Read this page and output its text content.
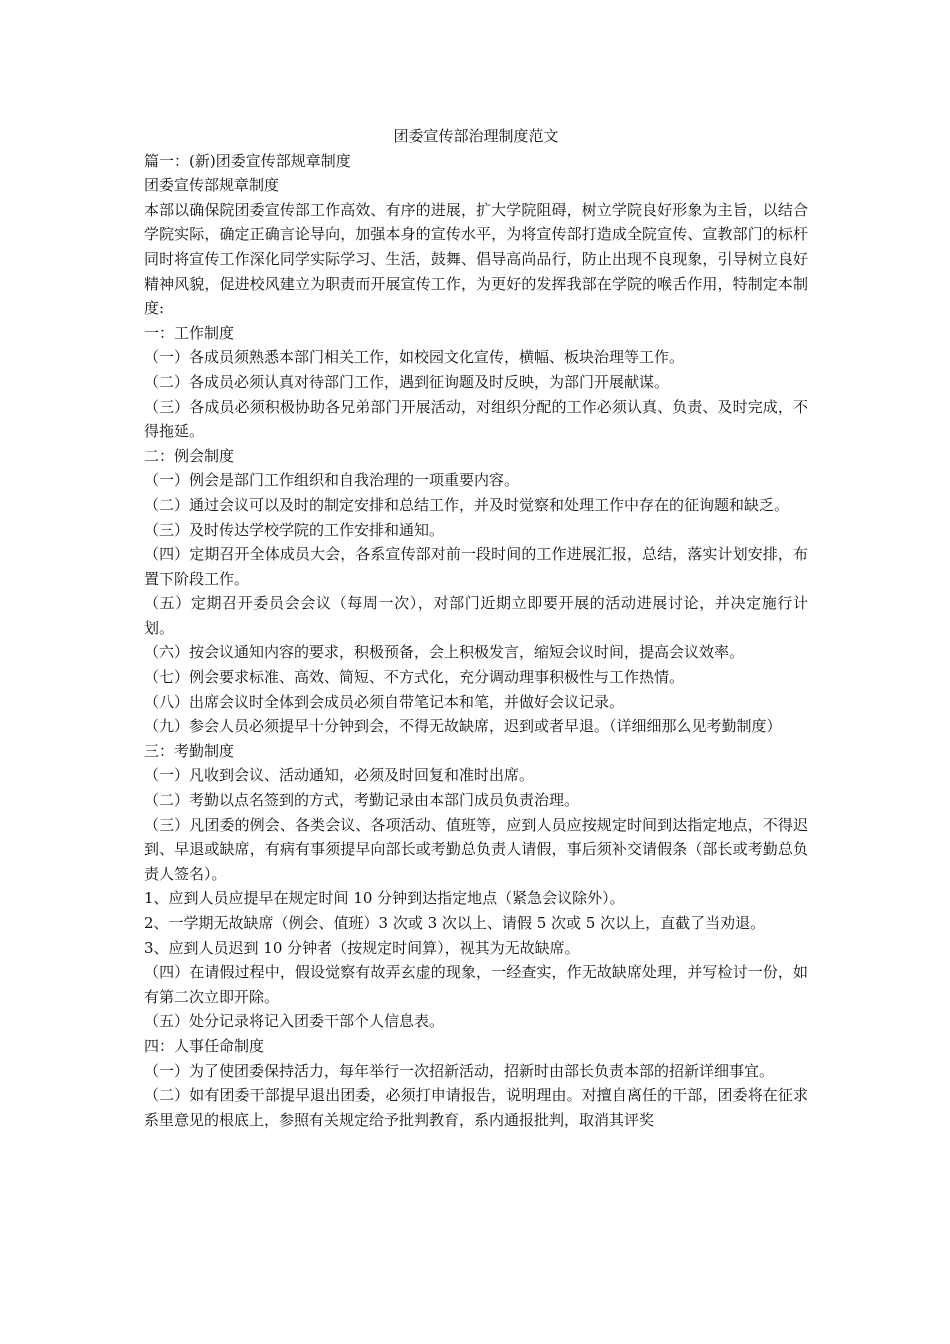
团委宣传部治理制度范文

篇一：(新)团委宣传部规章制度

团委宣传部规章制度

本部以确保院团委宣传部工作高效、有序的进展，扩大学院阻碍，树立学院良好形象为主旨，以结合学院实际，确定正确言论导向，加强本身的宣传水平，为将宣传部打造成全院宣传、宣教部门的标杆同时将宣传工作深化同学实际学习、生活，鼓舞、倡导高尚品行，防止出现不良现象，引导树立良好精神风貌，促进校风建立为职责而开展宣传工作，为更好的发挥我部在学院的喉舌作用，特制定本制度:

一：工作制度

（一）各成员须熟悉本部门相关工作，如校园文化宣传，横幅、板块治理等工作。

（二）各成员必须认真对待部门工作，遇到征询题及时反映，为部门开展献谋。

（三）各成员必须积极协助各兄弟部门开展活动，对组织分配的工作必须认真、负责、及时完成，不得拖延。

二：例会制度

（一）例会是部门工作组织和自我治理的一项重要内容。

（二）通过会议可以及时的制定安排和总结工作，并及时觉察和处理工作中存在的征询题和缺乏。

（三）及时传达学校学院的工作安排和通知。

（四）定期召开全体成员大会，各系宣传部对前一段时间的工作进展汇报，总结，落实计划安排，布置下阶段工作。

（五）定期召开委员会会议（每周一次），对部门近期立即要开展的活动进展讨论，并决定施行计划。

（六）按会议通知内容的要求，积极预备，会上积极发言，缩短会议时间，提高会议效率。

（七）例会要求标准、高效、简短、不方式化，充分调动理事积极性与工作热情。

（八）出席会议时全体到会成员必须自带笔记本和笔，并做好会议记录。

（九）参会人员必须提早十分钟到会，不得无故缺席，迟到或者早退。（详细细那么见考勤制度）

三：考勤制度

（一）凡收到会议、活动通知，必须及时回复和准时出席。

（二）考勤以点名签到的方式，考勤记录由本部门成员负责治理。

（三）凡团委的例会、各类会议、各项活动、值班等，应到人员应按规定时间到达指定地点，不得迟到、早退或缺席，有病有事须提早向部长或考勤总负责人请假，事后须补交请假条（部长或考勤总负责人签名）。

1、应到人员应提早在规定时间 10 分钟到达指定地点（紧急会议除外）。

2、一学期无故缺席（例会、值班）3 次或 3 次以上、请假 5 次或 5 次以上，直截了当劝退。

3、应到人员迟到 10 分钟者（按规定时间算），视其为无故缺席。

（四）在请假过程中，假设觉察有故弄玄虚的现象，一经查实，作无故缺席处理，并写检讨一份，如有第二次立即开除。

（五）处分记录将记入团委干部个人信息表。

四：人事任命制度

（一）为了使团委保持活力，每年举行一次招新活动，招新时由部长负责本部的招新详细事宜。

（二）如有团委干部提早退出团委，必须打申请报告，说明理由。对擅自离任的干部，团委将在征求系里意见的根底上，参照有关规定给予批判教育，系内通报批判，取消其评奖
